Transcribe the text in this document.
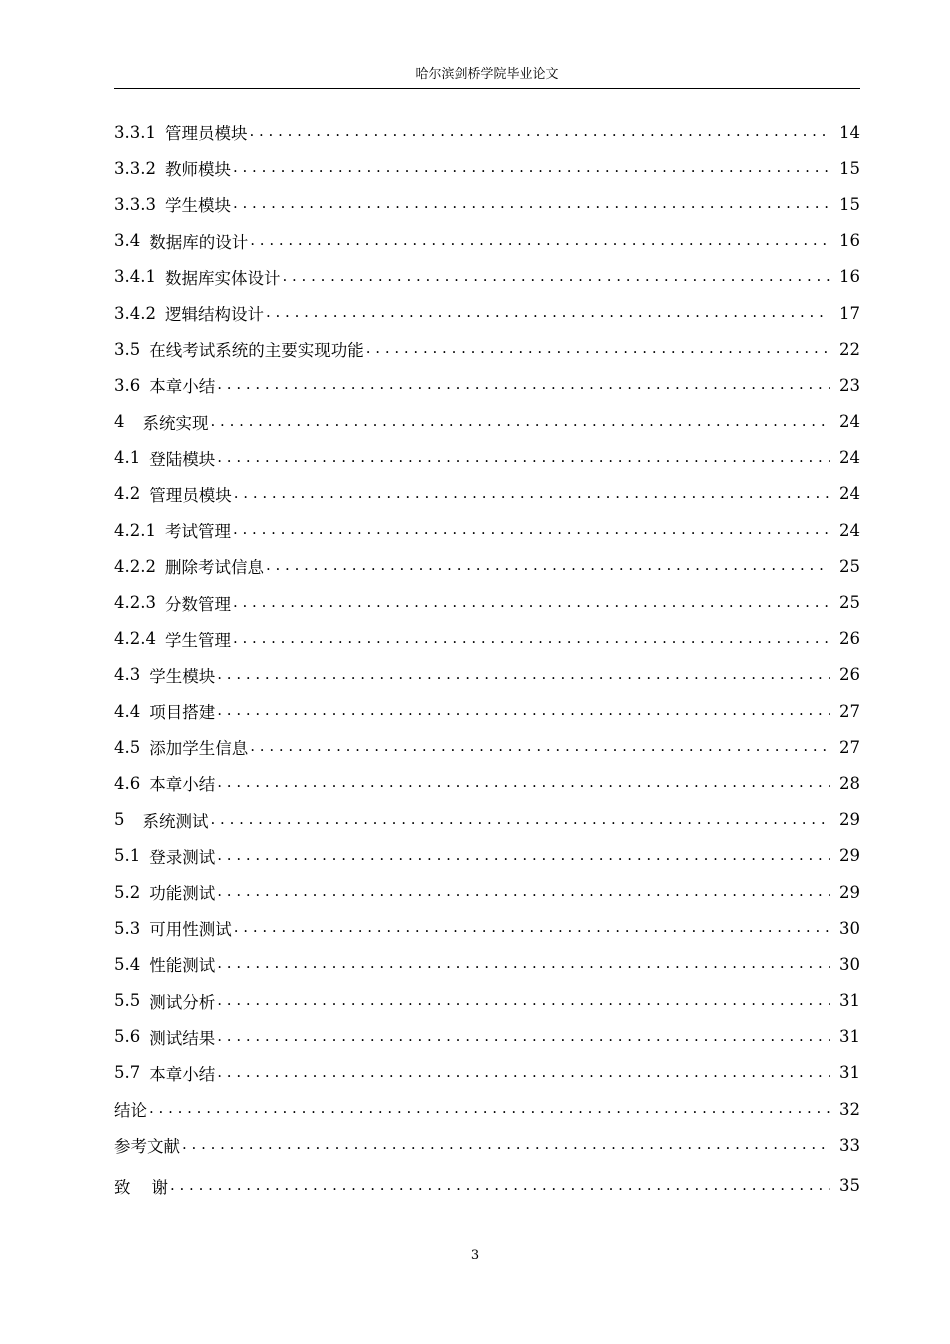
哈尔滨剑桥学院毕业论文
3.3.1 管理员模块 . . .	14
3.3.2 教师模块 . . .	15
3.3.3 学生模块 . . .	15
3.4 数据库的设计 . . .	16
3.4.1 数据库实体设计 . . .	16
3.4.2 逻辑结构设计 . . .	17
3.5 在线考试系统的主要实现功能 . . .	22
3.6 本章小结 . . .	23
4 系统实现 . . .	24
4.1 登陆模块 . . .	24
4.2 管理员模块 . . .	24
4.2.1 考试管理 . . .	24
4.2.2 删除考试信息 . . .	25
4.2.3 分数管理 . . .	25
4.2.4 学生管理 . . .	26
4.3 学生模块 . . .	26
4.4 项目搭建 . . .	27
4.5 添加学生信息 . . .	27
4.6 本章小结 . . .	28
5 系统测试 . . .	29
5.1 登录测试 . . .	29
5.2 功能测试 . . .	29
5.3 可用性测试 . . .	30
5.4 性能测试 . . .	30
5.5 测试分析 . . .	31
5.6 测试结果 . . .	31
5.7 本章小结 . . .	31
结论 . . .	32
参考文献 . . .	33
致    谢 . . .	35
3
